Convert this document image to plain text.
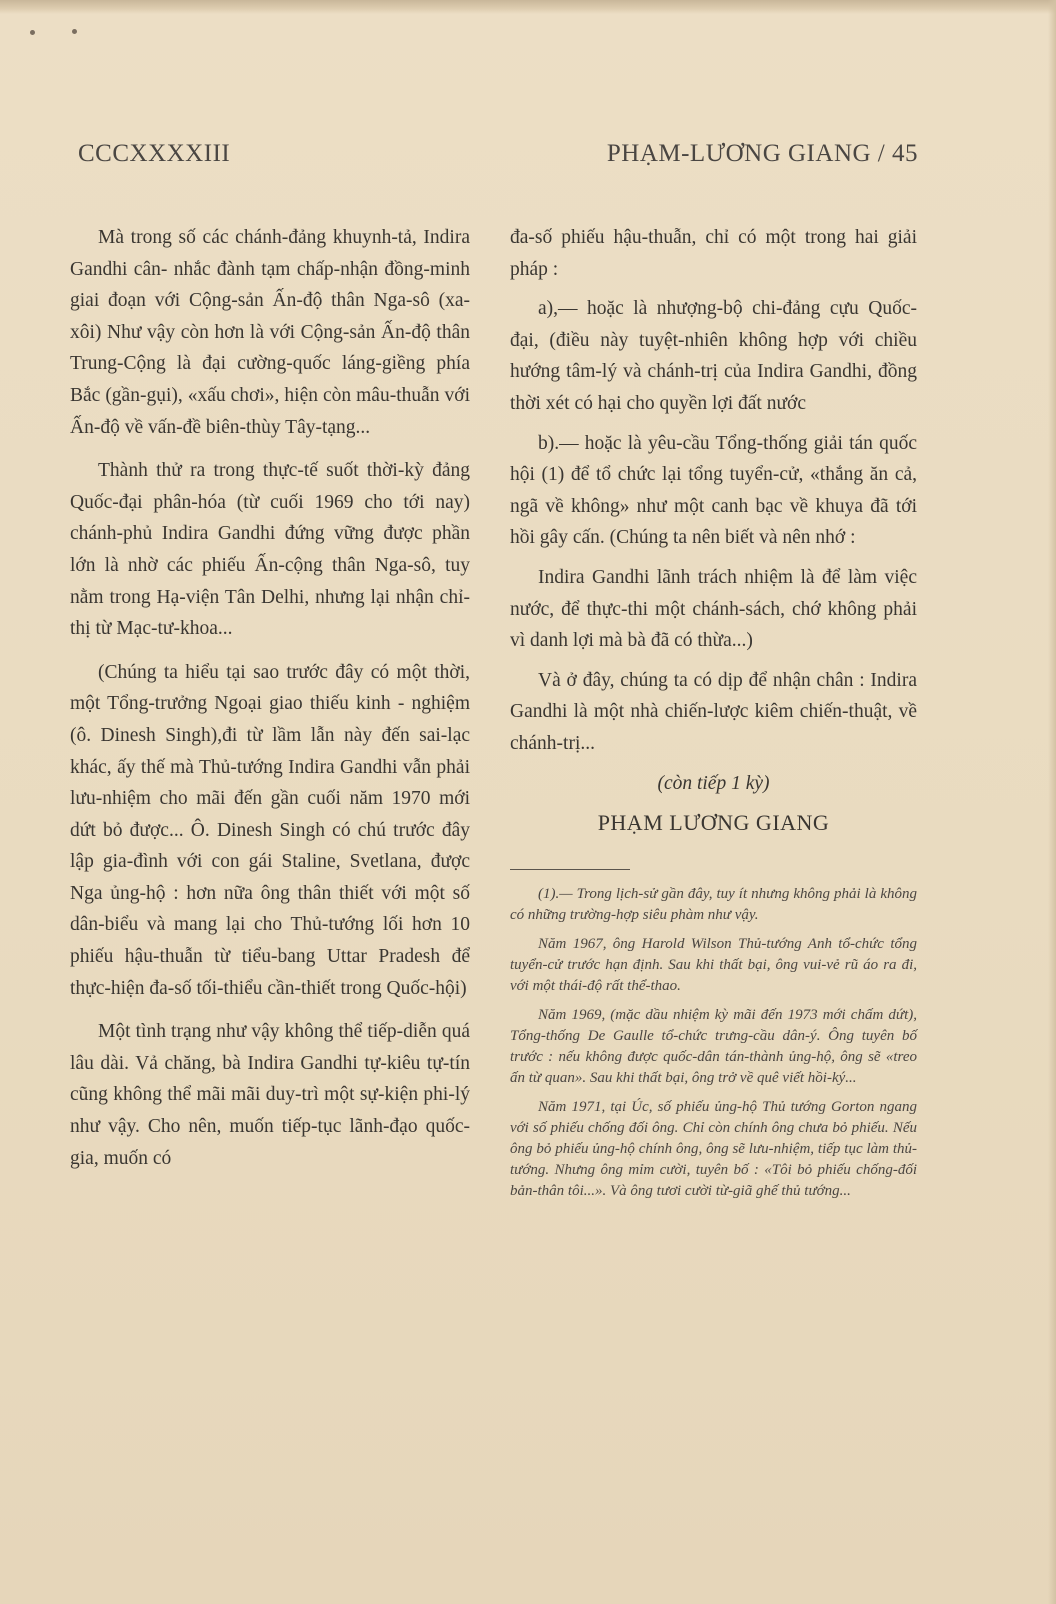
CCCXXXXIII	PHẠM-LƯƠNG GIANG / 45

Mà trong số các chánh-đảng khuynh-tả, Indira Gandhi cân- nhắc đành tạm chấp-nhận đồng-minh giai đoạn với Cộng-sản Ấn-độ thân Nga-sô (xa-xôi) Như vậy còn hơn là với Cộng-sản Ấn-độ thân Trung-Cộng là đại cường-quốc láng-giềng phía Bắc (gần-gụi), «xấu chơi», hiện còn mâu-thuẫn với Ấn-độ về vấn-đề biên-thùy Tây-tạng...

Thành thử ra trong thực-tế suốt thời-kỳ đảng Quốc-đại phân-hóa (từ cuối 1969 cho tới nay) chánh-phủ Indira Gandhi đứng vững được phần lớn là nhờ các phiếu Ấn-cộng thân Nga-sô, tuy nằm trong Hạ-viện Tân Delhi, nhưng lại nhận chỉ-thị từ Mạc-tư-khoa...

(Chúng ta hiểu tại sao trước đây có một thời, một Tổng-trưởng Ngoại giao thiếu kinh - nghiệm (ô. Dinesh Singh),đi từ lầm lẫn này đến sai-lạc khác, ấy thế mà Thủ-tướng Indira Gandhi vẫn phải lưu-nhiệm cho mãi đến gần cuối năm 1970 mới dứt bỏ được... Ô. Dinesh Singh có chú trước đây lập gia-đình với con gái Staline, Svetlana, được Nga ủng-hộ : hơn nữa ông thân thiết với một số dân-biểu và mang lại cho Thủ-tướng lối hơn 10 phiếu hậu-thuẫn từ tiểu-bang Uttar Pradesh để thực-hiện đa-số tối-thiểu cần-thiết trong Quốc-hội)

Một tình trạng như vậy không thể tiếp-diễn quá lâu dài. Vả chăng, bà Indira Gandhi tự-kiêu tự-tín cũng không thể mãi mãi duy-trì một sự-kiện phi-lý như vậy. Cho nên, muốn tiếp-tục lãnh-đạo quốc-gia, muốn có

đa-số phiếu hậu-thuẫn, chỉ có một trong hai giải pháp :

a),— hoặc là nhượng-bộ chi-đảng cựu Quốc-đại, (điều này tuyệt-nhiên không hợp với chiều hướng tâm-lý và chánh-trị của Indira Gandhi, đồng thời xét có hại cho quyền lợi đất nước

b).— hoặc là yêu-cầu Tổng-thống giải tán quốc hội (1) để tổ chức lại tổng tuyển-cử, «thắng ăn cả, ngã về không» như một canh bạc về khuya đã tới hồi gây cấn. (Chúng ta nên biết và nên nhớ :

Indira Gandhi lãnh trách nhiệm là để làm việc nước, để thực-thi một chánh-sách, chớ không phải vì danh lợi mà bà đã có thừa...)

Và ở đây, chúng ta có dịp để nhận chân : Indira Gandhi là một nhà chiến-lược kiêm chiến-thuật, về chánh-trị...

(còn tiếp 1 kỳ)

PHẠM LƯƠNG GIANG

(1).— Trong lịch-sử gần đây, tuy ít nhưng không phải là không có những trường-hợp siêu phàm như vậy.

Năm 1967, ông Harold Wilson Thủ-tướng Anh tổ-chức tổng tuyển-cử trước hạn định. Sau khi thất bại, ông vui-vẻ rũ áo ra đi, với một thái-độ rất thể-thao.

Năm 1969, (mặc dầu nhiệm kỳ mãi đến 1973 mới chấm dứt), Tổng-thống De Gaulle tổ-chức trưng-cầu dân-ý. Ông tuyên bố trước : nếu không được quốc-dân tán-thành ủng-hộ, ông sẽ «treo ấn từ quan». Sau khi thất bại, ông trở về quê viết hồi-ký...

Năm 1971, tại Úc, số phiếu ủng-hộ Thủ tướng Gorton ngang với số phiếu chống đối ông. Chỉ còn chính ông chưa bỏ phiếu. Nếu ông bỏ phiếu ủng-hộ chính ông, ông sẽ lưu-nhiệm, tiếp tục làm thủ-tướng. Nhưng ông mỉm cười, tuyên bố : «Tôi bỏ phiếu chống-đối bản-thân tôi...». Và ông tươi cười từ-giã ghế thủ tướng...
